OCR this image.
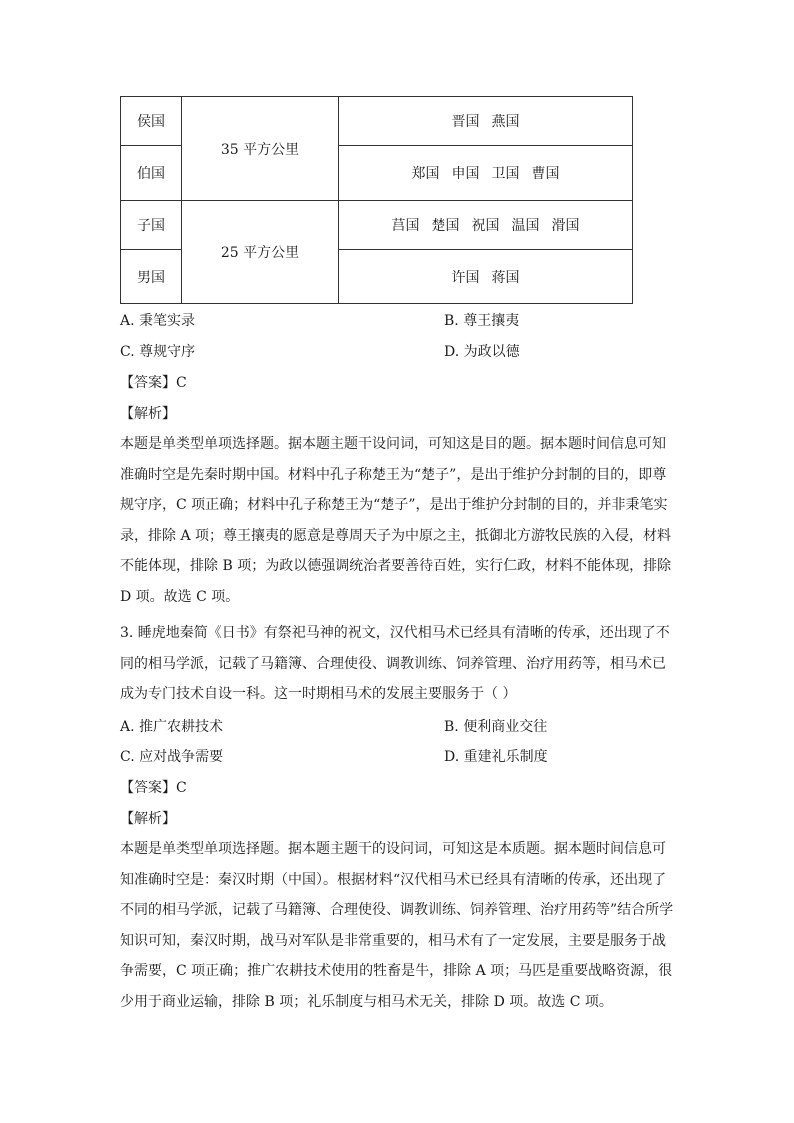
侯国	35 平方公里	晋国 燕国
伯国		郑国 申国 卫国 曹国
子国	25 平方公里	莒国 楚国 祝国 温国 滑国
男国		许国 蒋国
A. 秉笔实录	B. 尊王攘夷
C. 尊规守序	D. 为政以德
【答案】C
【解析】

本题是单类型单项选择题。据本题主题干设问词，可知这是目的题。据本题时间信息可知

准确时空是先秦时期中国。材料中孔子称楚王为“楚子”，是出于维护分封制的目的，即尊

规守序，C 项正确；材料中孔子称楚王为“楚子”，是出于维护分封制的目的，并非秉笔实

录，排除 A 项；尊王攘夷的愿意是尊周天子为中原之主，抵御北方游牧民族的入侵，材料

不能体现，排除 B 项；为政以德强调统治者要善待百姓，实行仁政，材料不能体现，排除

D 项。故选 C 项。

3. 睡虎地秦简《日书》有祭祀马神的祝文，汉代相马术已经具有清晰的传承，还出现了不

同的相马学派，记载了马籍簿、合理使役、调教训练、饲养管理、治疗用药等，相马术已

成为专门技术自设一科。这一时期相马术的发展主要服务于（ ）

A. 推广农耕技术	B. 便利商业交往
C. 应对战争需要	D. 重建礼乐制度
【答案】C
【解析】

本题是单类型单项选择题。据本题主题干的设问词，可知这是本质题。据本题时间信息可

知准确时空是：秦汉时期（中国）。根据材料“汉代相马术已经具有清晰的传承，还出现了

不同的相马学派，记载了马籍簿、合理使役、调教训练、饲养管理、治疗用药等”结合所学

知识可知，秦汉时期，战马对军队是非常重要的，相马术有了一定发展，主要是服务于战

争需要，C 项正确；推广农耕技术使用的牲畜是牛，排除 A 项；马匹是重要战略资源，很

少用于商业运输，排除 B 项；礼乐制度与相马术无关，排除 D 项。故选 C 项。
